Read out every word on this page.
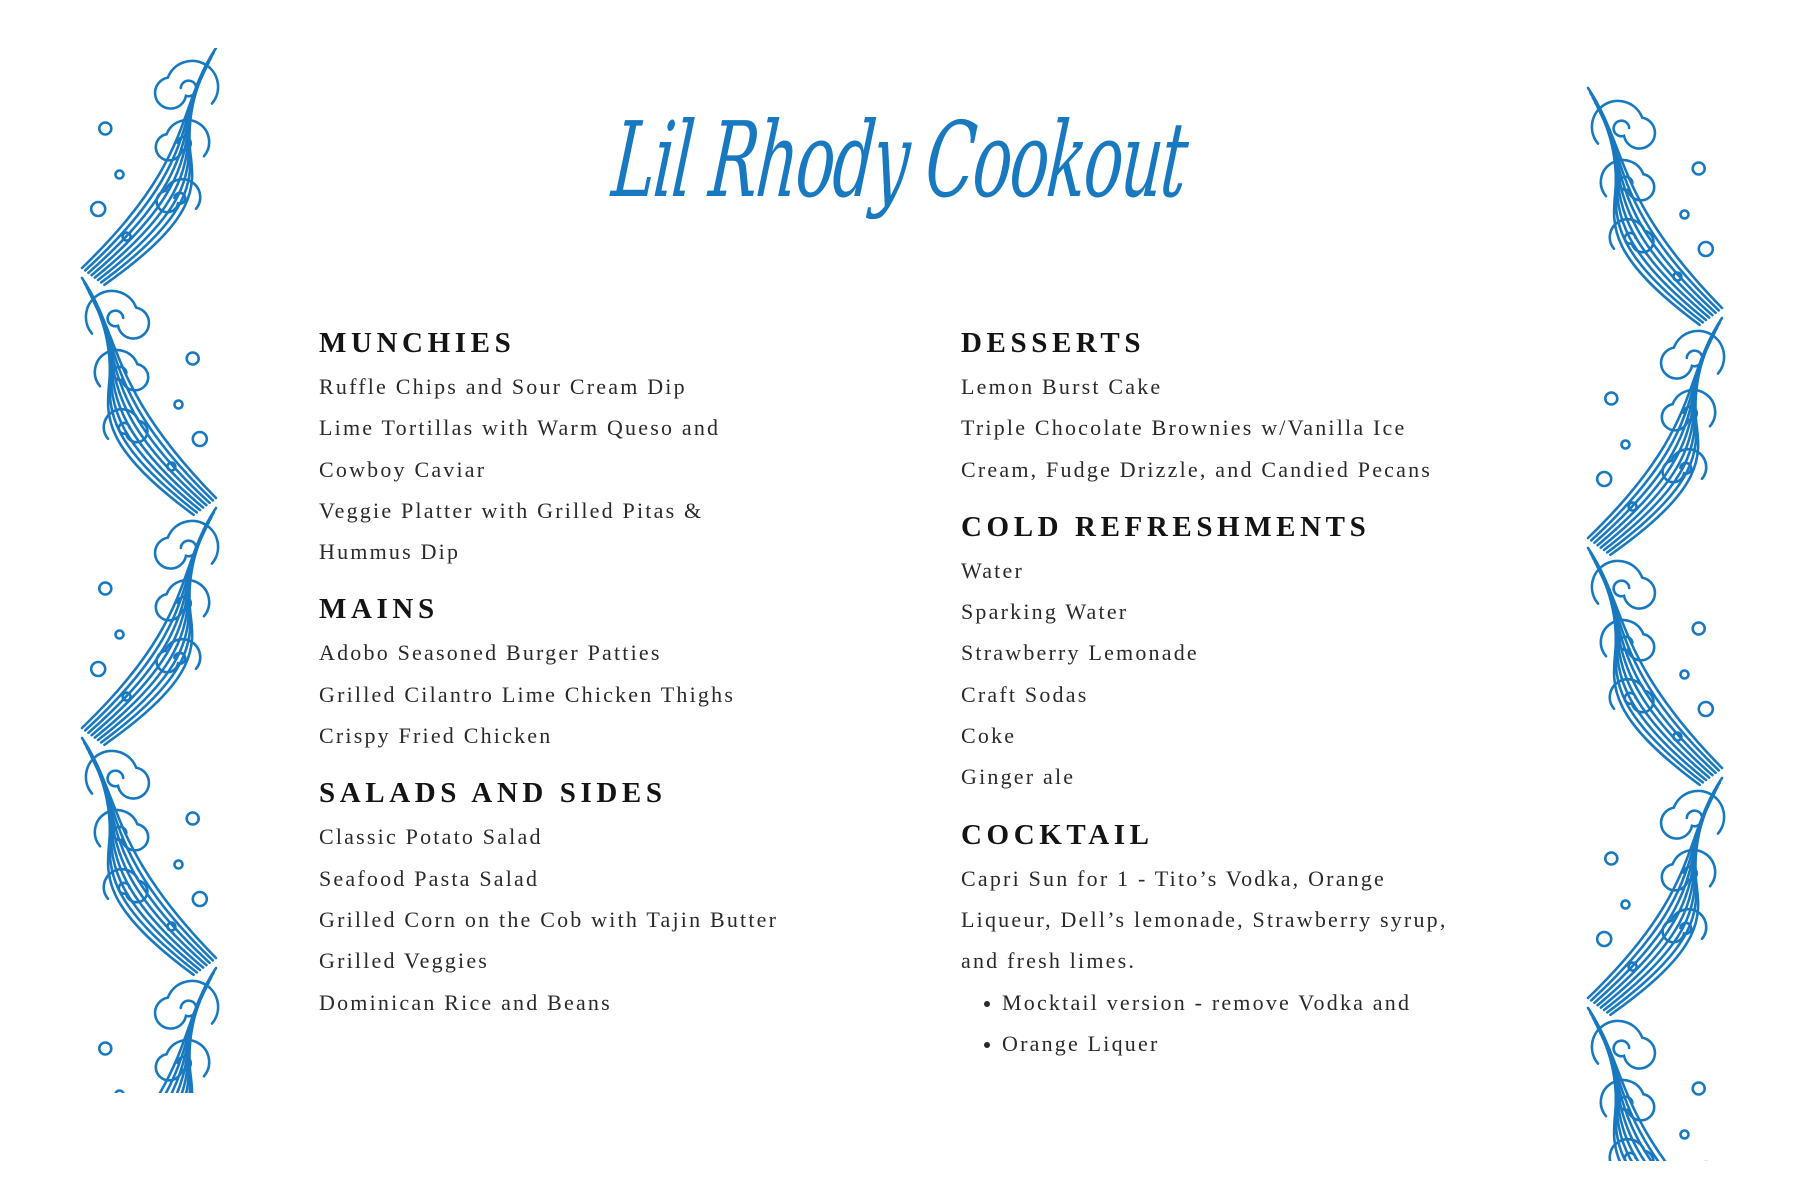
Lil Rhody Cookout
MUNCHIES

Ruffle Chips and Sour Cream Dip

Lime Tortillas with Warm Queso and

Cowboy Caviar

Veggie Platter with Grilled Pitas &

Hummus Dip

MAINS

Adobo Seasoned Burger Patties

Grilled Cilantro Lime Chicken Thighs

Crispy Fried Chicken

SALADS AND SIDES

Classic Potato Salad

Seafood Pasta Salad

Grilled Corn on the Cob with Tajin Butter

Grilled Veggies

Dominican Rice and Beans

DESSERTS

Lemon Burst Cake

Triple Chocolate Brownies w/Vanilla Ice

Cream, Fudge Drizzle, and Candied Pecans

COLD REFRESHMENTS

Water

Sparking Water

Strawberry Lemonade

Craft Sodas

Coke

Ginger ale

COCKTAIL

Capri Sun for 1 - Tito’s Vodka, Orange

Liqueur, Dell’s lemonade, Strawberry syrup,

and fresh limes.

Mocktail version - remove Vodka and
Orange Liquer
